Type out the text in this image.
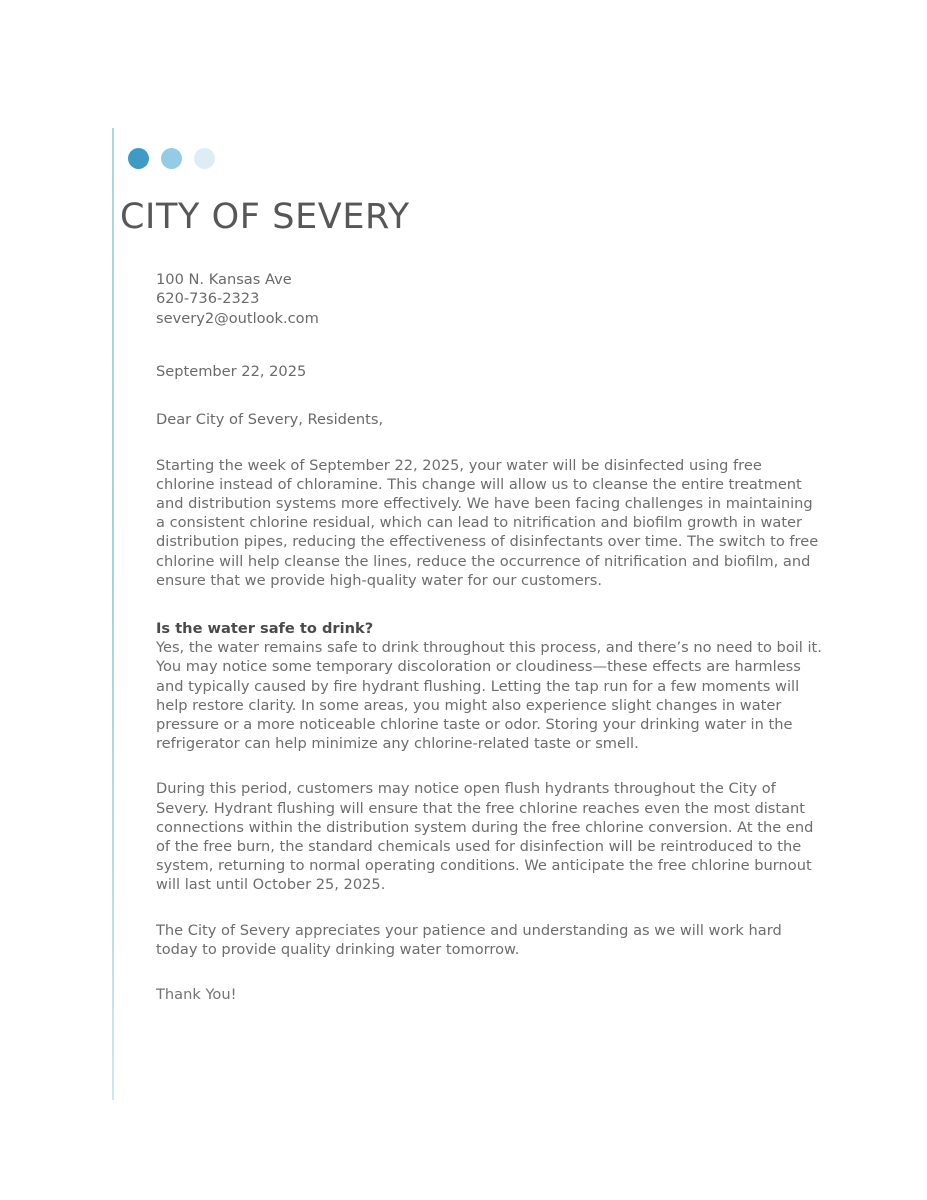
CITY OF SEVERY
100 N. Kansas Ave
620-736-2323
severy2@outlook.com
September 22, 2025
Dear City of Severy, Residents,
Starting the week of September 22, 2025, your water will be disinfected using free chlorine instead of chloramine. This change will allow us to cleanse the entire treatment and distribution systems more effectively. We have been facing challenges in maintaining a consistent chlorine residual, which can lead to nitrification and biofilm growth in water distribution pipes, reducing the effectiveness of disinfectants over time. The switch to free chlorine will help cleanse the lines, reduce the occurrence of nitrification and biofilm, and ensure that we provide high-quality water for our customers.
Is the water safe to drink?
Yes, the water remains safe to drink throughout this process, and there’s no need to boil it. You may notice some temporary discoloration or cloudiness—these effects are harmless and typically caused by fire hydrant flushing. Letting the tap run for a few moments will help restore clarity. In some areas, you might also experience slight changes in water pressure or a more noticeable chlorine taste or odor. Storing your drinking water in the refrigerator can help minimize any chlorine-related taste or smell.
During this period, customers may notice open flush hydrants throughout the City of Severy. Hydrant flushing will ensure that the free chlorine reaches even the most distant connections within the distribution system during the free chlorine conversion. At the end of the free burn, the standard chemicals used for disinfection will be reintroduced to the system, returning to normal operating conditions. We anticipate the free chlorine burnout will last until October 25, 2025.
The City of Severy appreciates your patience and understanding as we will work hard today to provide quality drinking water tomorrow.
Thank You!
